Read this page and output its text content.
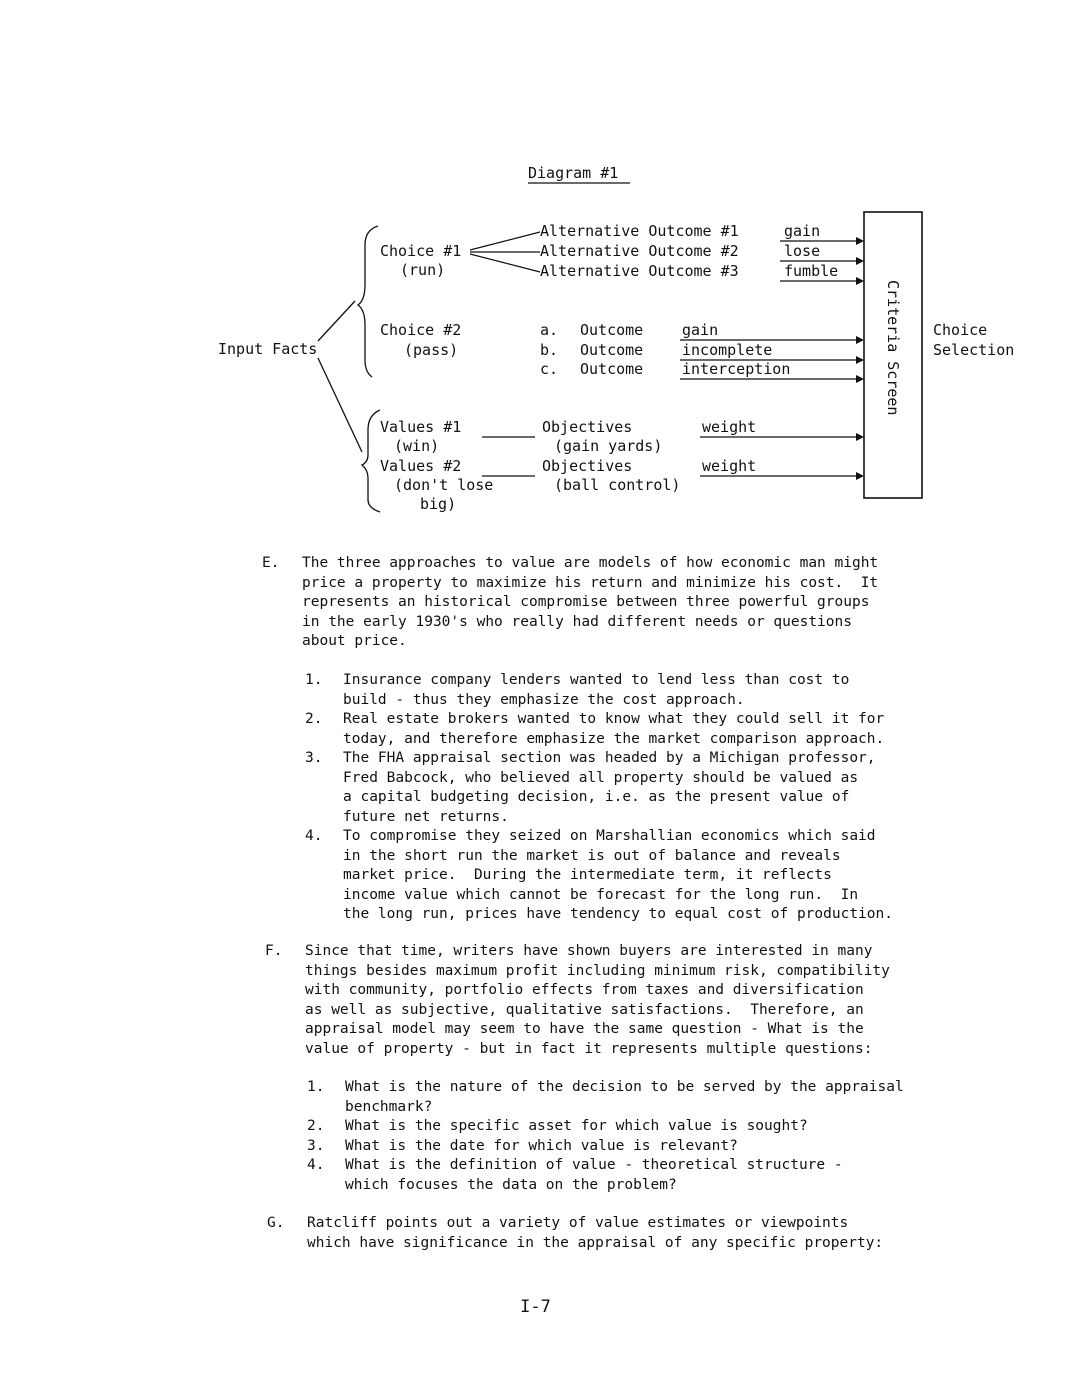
Diagram #1
Input Facts
Choice #1
(run)
Alternative Outcome #1
Alternative Outcome #2
Alternative Outcome #3
gain
lose
fumble
Choice #2
(pass)
a.
b.
c.
Outcome
Outcome
Outcome
gain
incomplete
interception
Values #1
(win)
Values #2
(don't lose
big)
Objectives
(gain yards)
Objectives
(ball control)
weight
weight
Criteria Screen Choice
Selection
E. The three approaches to value are models of how economic man might
price a property to maximize his return and minimize his cost.  It
represents an historical compromise between three powerful groups
in the early 1930's who really had different needs or questions
about price.
1. Insurance company lenders wanted to lend less than cost to
build - thus they emphasize the cost approach.
2. Real estate brokers wanted to know what they could sell it for
today, and therefore emphasize the market comparison approach.
3. The FHA appraisal section was headed by a Michigan professor,
Fred Babcock, who believed all property should be valued as
a capital budgeting decision, i.e. as the present value of
future net returns.
4. To compromise they seized on Marshallian economics which said
in the short run the market is out of balance and reveals
market price.  During the intermediate term, it reflects
income value which cannot be forecast for the long run.  In
the long run, prices have tendency to equal cost of production.
F. Since that time, writers have shown buyers are interested in many
things besides maximum profit including minimum risk, compatibility
with community, portfolio effects from taxes and diversification
as well as subjective, qualitative satisfactions.  Therefore, an
appraisal model may seem to have the same question - What is the
value of property - but in fact it represents multiple questions:
1. What is the nature of the decision to be served by the appraisal
benchmark?
2. What is the specific asset for which value is sought?
3. What is the date for which value is relevant?
4. What is the definition of value - theoretical structure -
which focuses the data on the problem?
G. Ratcliff points out a variety of value estimates or viewpoints
which have significance in the appraisal of any specific property:
I-7
